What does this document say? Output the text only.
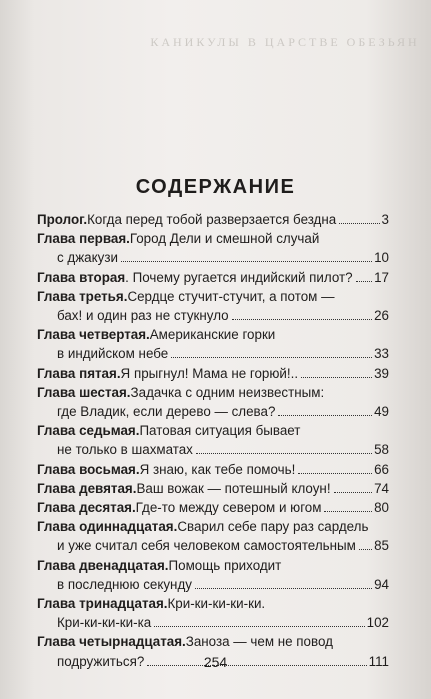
КАНИКУЛЫ В ЦАРСТВЕ ОБЕЗЬЯН
СОДЕРЖАНИЕ
Пролог. Когда перед тобой разверзается бездна	3
Глава первая. Город Дели и смешной случай
с джакузи	10
Глава вторая . Почему ругается индийский пилот? 17
Глава третья. Сердце стучит-стучит, а потом —
бах! и один раз не стукнуло	26
Глава четвертая. Американские горки
в индийском небе	33
Глава пятая. Я прыгнул! Мама не горюй!..	39
Глава шестая. Задачка с одним неизвестным:
где Владик, если дерево — слева?	49
Глава седьмая. Патовая ситуация бывает
не только в шахматах	58
Глава восьмая. Я знаю, как тебе помочь!	66
Глава девятая. Ваш вожак — потешный клоун!	74
Глава десятая. Где-то между севером и югом	80
Глава одиннадцатая. Сварил себе пару раз сардель
и уже считал себя человеком самостоятельным 85
Глава двенадцатая. Помощь приходит
в последнюю секунду	94
Глава тринадцатая. Кри-ки-ки-ки-ки.
Кри-ки-ки-ки-ка	102
Глава четырнадцатая. Заноза — чем не повод
подружиться?	111
254
